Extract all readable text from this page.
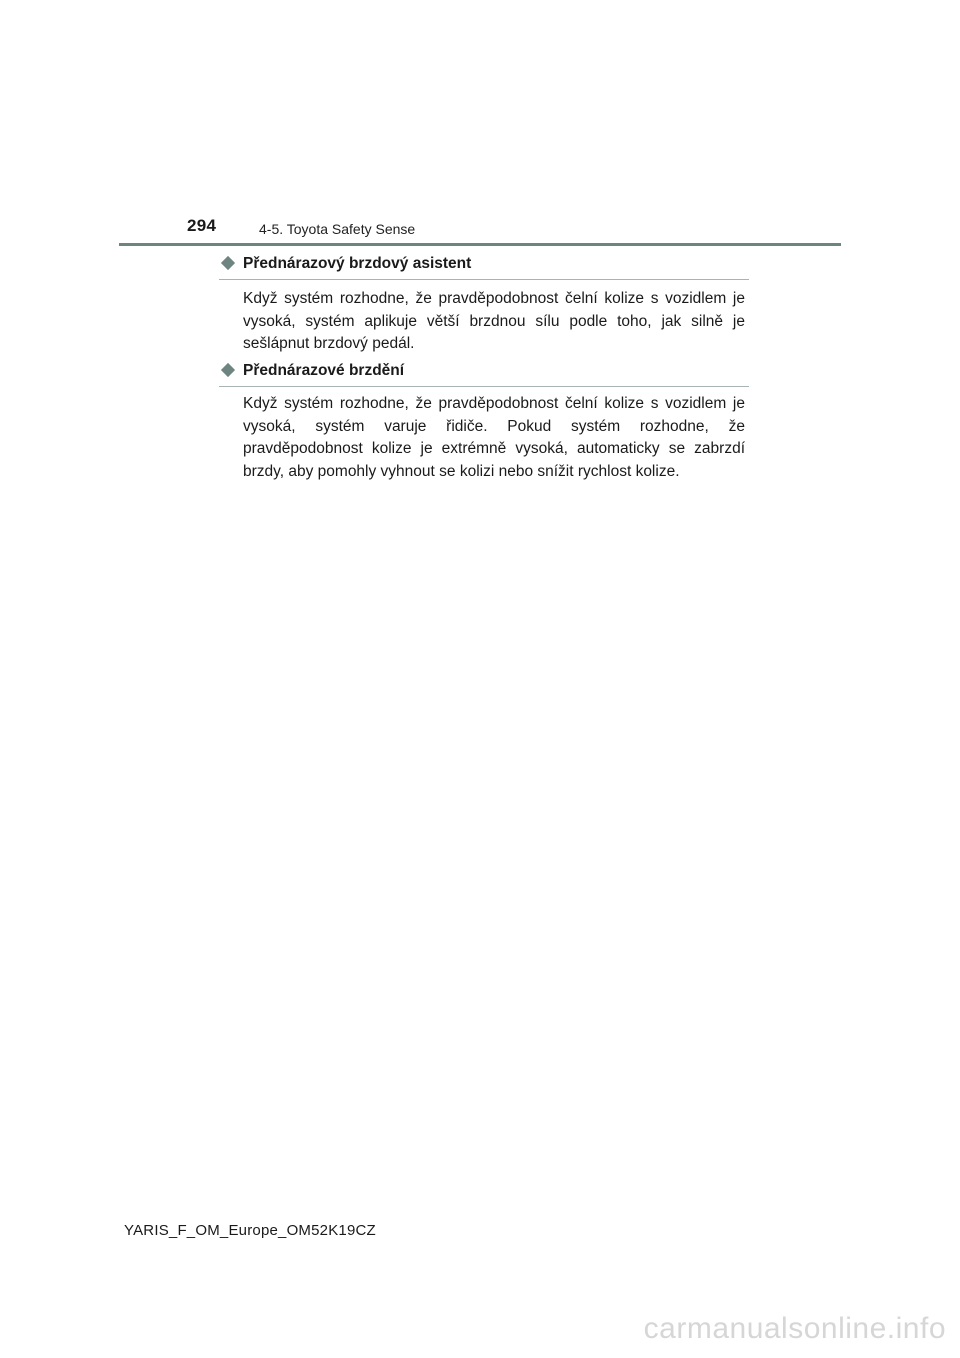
294	4-5. Toyota Safety Sense
Přednárazový brzdový asistent
Když systém rozhodne, že pravděpodobnost čelní kolize s vozidlem je vysoká, systém aplikuje větší brzdnou sílu podle toho, jak silně je sešlápnut brzdový pedál.
Přednárazové brzdění
Když systém rozhodne, že pravděpodobnost čelní kolize s vozidlem je vysoká, systém varuje řidiče. Pokud systém rozhodne, že pravděpodobnost kolize je extrémně vysoká, automaticky se zabrzdí brzdy, aby pomohly vyhnout se kolizi nebo snížit rychlost kolize.
YARIS_F_OM_Europe_OM52K19CZ
carmanualsonline.info
